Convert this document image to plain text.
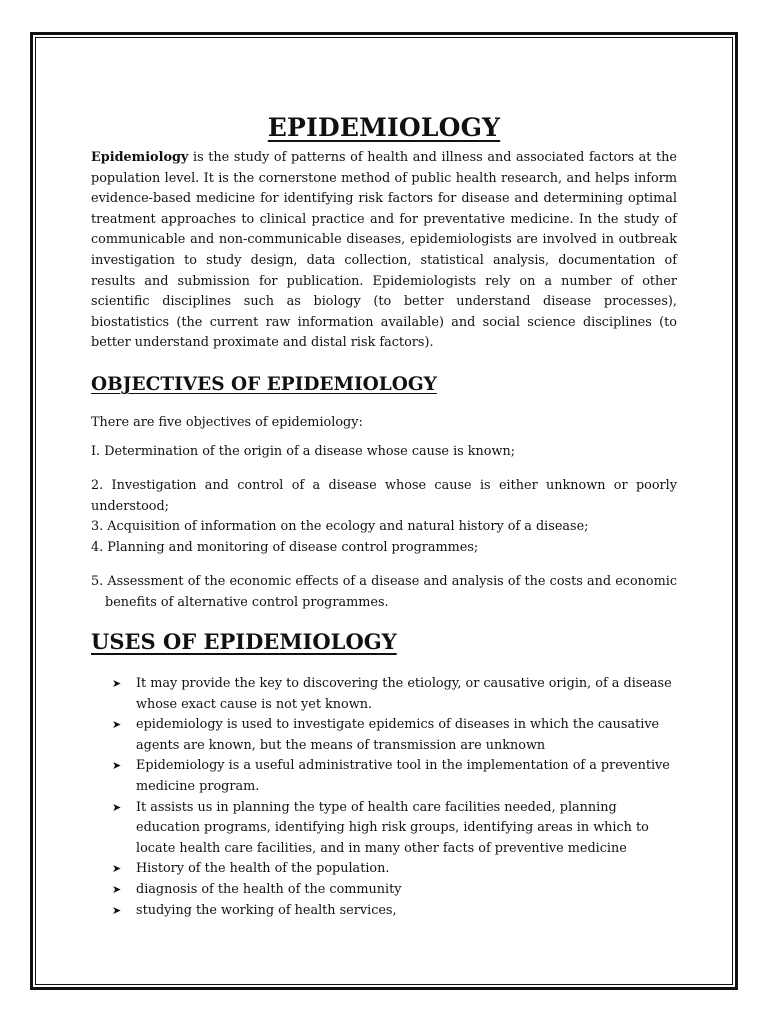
EPIDEMIOLOGY

Epidemiology is the study of patterns of health and illness and associated factors at the population level. It is the cornerstone method of public health research, and helps inform evidence-based medicine for identifying risk factors for disease and determining optimal treatment approaches to clinical practice and for preventative medicine. In the study of communicable and non-communicable diseases, epidemiologists are involved in outbreak investigation to study design, data collection, statistical analysis, documentation of results and submission for publication. Epidemiologists rely on a number of other scientific disciplines such as biology (to better understand disease processes), biostatistics (the current raw information available) and social science disciplines (to better understand proximate and distal risk factors).

OBJECTIVES OF EPIDEMIOLOGY

There are five objectives of epidemiology:

I. Determination of the origin of a disease whose cause is known;

2. Investigation and control of a disease whose cause is either unknown or poorly understood;

3. Acquisition of information on the ecology and natural history of a disease;

4. Planning and monitoring of disease control programmes;

5. Assessment of the economic effects of a disease and analysis of the costs and economic benefits of alternative control programmes.

USES OF EPIDEMIOLOGY
➤	It may provide the key to discovering the etiology, or causative origin, of a disease whose exact cause is not yet known.
➤	epidemiology is used to investigate epidemics of diseases in which the causative agents are known, but the means of transmission are unknown
➤	Epidemiology is a useful administrative tool in the implementation of a preventive medicine program.
➤	It assists us in planning the type of health care facilities needed, planning education programs, identifying high risk groups, identifying areas in which to locate health care facilities, and in many other facts of preventive medicine
➤	History of the health of the population.
➤	diagnosis of the health of the community
➤	studying the working of health services,
